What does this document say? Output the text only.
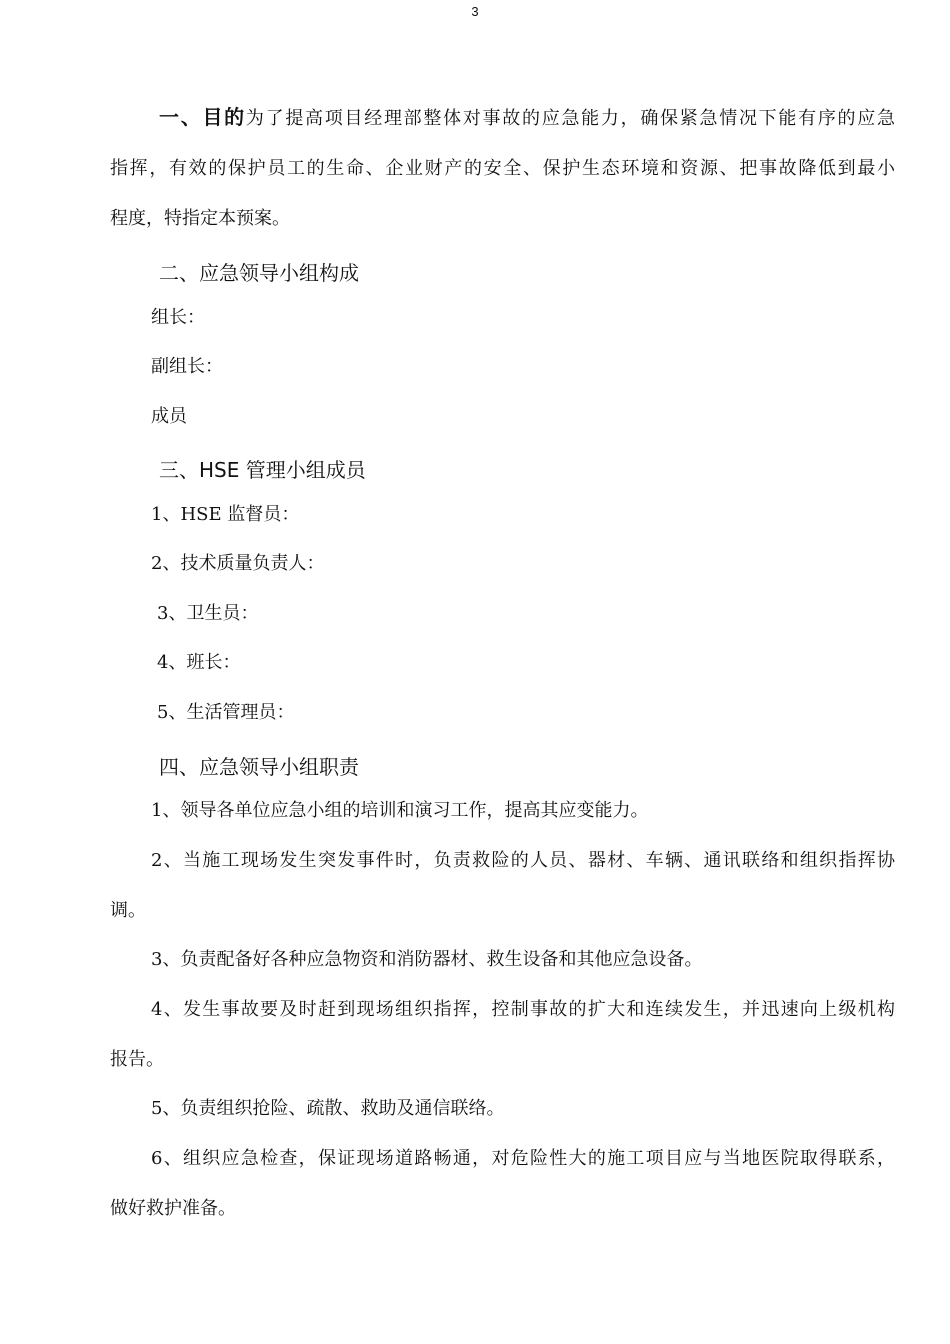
3
一、目的为了提高项目经理部整体对事故的应急能力，确保紧急情况下能有序的应急
指挥，有效的保护员工的生命、企业财产的安全、保护生态环境和资源、把事故降低到最小
程度，特指定本预案。
二、应急领导小组构成
组长：
副组长：
成员
三、HSE 管理小组成员
1、HSE 监督员：
2、技术质量负责人：
3、卫生员：
4、班长：
5、生活管理员：
四、应急领导小组职责
1、领导各单位应急小组的培训和演习工作，提高其应变能力。
2、当施工现场发生突发事件时，负责救险的人员、器材、车辆、通讯联络和组织指挥协
调。
3、负责配备好各种应急物资和消防器材、救生设备和其他应急设备。
4、发生事故要及时赶到现场组织指挥，控制事故的扩大和连续发生，并迅速向上级机构
报告。
5、负责组织抢险、疏散、救助及通信联络。
6、组织应急检查，保证现场道路畅通，对危险性大的施工项目应与当地医院取得联系，
做好救护准备。
